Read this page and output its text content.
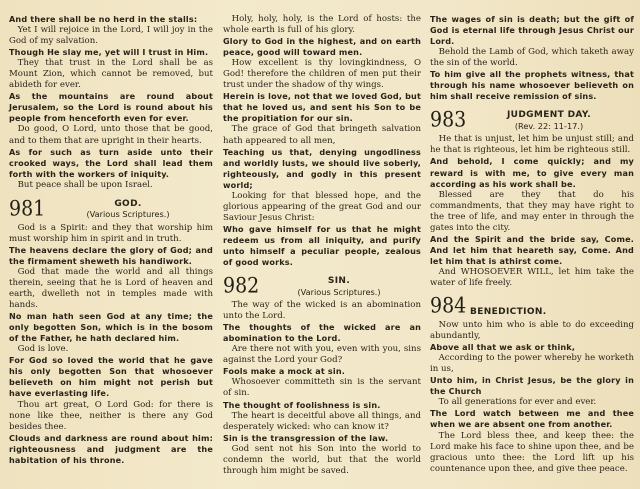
And there shall be no herd in the stalls:

Yet I will rejoice in the Lord, I will joy in the God of my salvation.

Though He slay me, yet will I trust in Him.

They that trust in the Lord shall be as Mount Zion, which cannot be removed, but abideth for ever.

As the mountains are round about Jerusalem, so the Lord is round about his people from henceforth even for ever.

Do good, O Lord, unto those that be good, and to them that are upright in their hearts.

As for such as turn aside unto their crooked ways, the Lord shall lead them forth with the workers of iniquity.

But peace shall be upon Israel.

981	GOD.
(Various Scriptures.)

God is a Spirit: and they that worship him must worship him in spirit and in truth.

The heavens declare the glory of God; and the firmament sheweth his handiwork.

God that made the world and all things therein, seeing that he is Lord of heaven and earth, dwelleth not in temples made with hands.

No man hath seen God at any time; the only begotten Son, which is in the bosom of the Father, he hath declared him.

God is love.

For God so loved the world that he gave his only begotten Son that whosoever believeth on him might not perish but have everlasting life.

Thou art great, O Lord God: for there is none like thee, neither is there any God besides thee.

Clouds and darkness are round about him: righteousness and judgment are the habitation of his throne.

Holy, holy, holy, is the Lord of hosts: the whole earth is full of his glory.

Glory to God in the highest, and on earth peace, good will toward men.

How excellent is thy lovingkindness, O God! therefore the children of men put their trust under the shadow of thy wings.

Herein is love, not that we loved God, but that he loved us, and sent his Son to be the propitiation for our sin.

The grace of God that bringeth salvation hath appeared to all men,

Teaching us that, denying ungodliness and worldly lusts, we should live soberly, righteously, and godly in this present world;

Looking for that blessed hope, and the glorious appearing of the great God and our Saviour Jesus Christ:

Who gave himself for us that he might redeem us from all iniquity, and purify unto himself a peculiar people, zealous of good works.

982	SIN.
(Various Scriptures.)

The way of the wicked is an abomination unto the Lord.

The thoughts of the wicked are an abomination to the Lord.

Are there not with you, even with you, sins against the Lord your God?

Fools make a mock at sin.

Whosoever committeth sin is the servant of sin.

The thought of foolishness is sin.

The heart is deceitful above all things, and desperately wicked: who can know it?

Sin is the transgression of the law.

God sent not his Son into the world to condemn the world, but that the world through him might be saved.

The wages of sin is death; but the gift of God is eternal life through Jesus Christ our Lord.

Behold the Lamb of God, which taketh away the sin of the world.

To him give all the prophets witness, that through his name whosoever believeth on him shall receive remission of sins.

983	JUDGMENT DAY.
(Rev. 22: 11-17.)

He that is unjust, let him be unjust still; and he that is righteous, let him be righteous still.

And behold, I come quickly; and my reward is with me, to give every man according as his work shall be.

Blessed are they that do his commandments, that they may have right to the tree of life, and may enter in through the gates into the city.

And the Spirit and the bride say, Come. And let him that heareth say, Come. And let him that is athirst come.

And WHOSOEVER WILL, let him take the water of life freely.

984 BENEDICTION.

Now unto him who is able to do exceeding abundantly,

Above all that we ask or think,

According to the power whereby he worketh in us,

Unto him, in Christ Jesus, be the glory in the Church

To all generations for ever and ever.

The Lord watch between me and thee when we are absent one from another.

The Lord bless thee, and keep thee: the Lord make his face to shine upon thee, and be gracious unto thee: the Lord lift up his countenance upon thee, and give thee peace.
